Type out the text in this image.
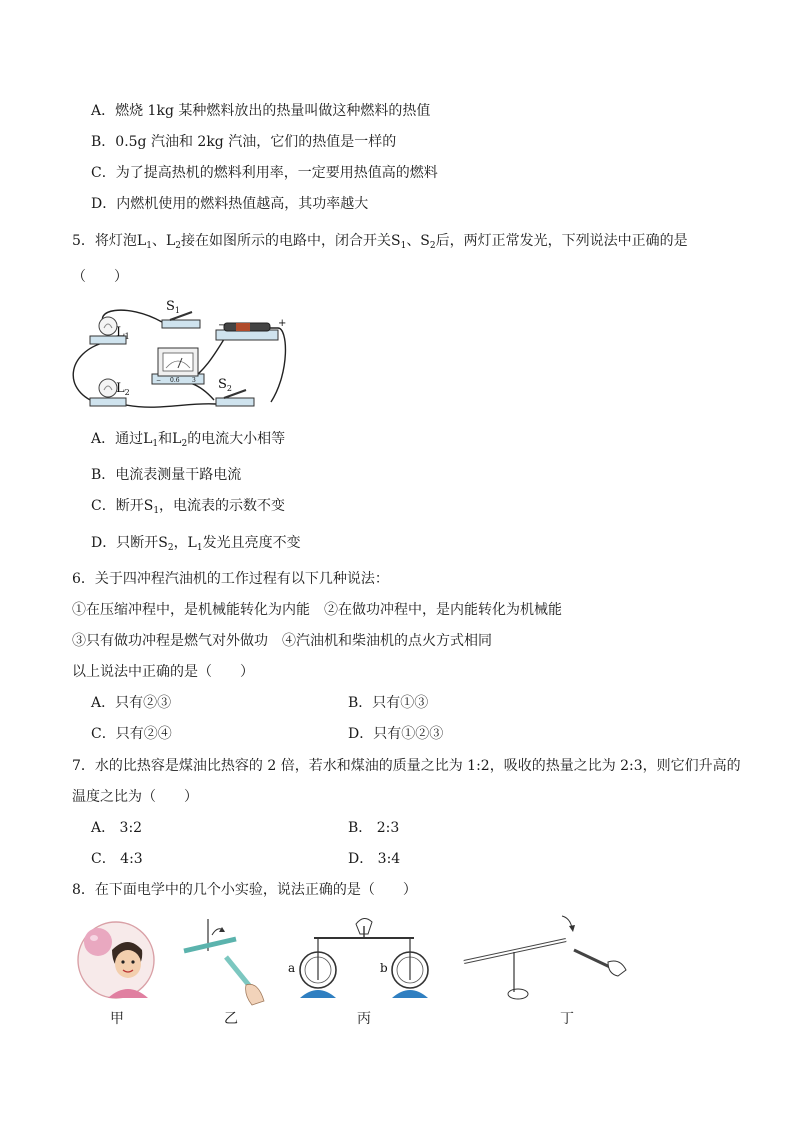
A．燃烧 1kg 某种燃料放出的热量叫做这种燃料的热值
B．0.5g 汽油和 2kg 汽油，它们的热值是一样的
C．为了提高热机的燃料利用率，一定要用热值高的燃料
D．内燃机使用的燃料热值越高，其功率越大
5．将灯泡$L_1$、$L_2$接在如图所示的电路中，闭合开关$S_1$、$S_2$后，两灯正常发光，下列说法中正确的是
（　　）
$S_1$
$L_1$
$L_2$
$S_2$
−	+
− 0.6 3
A．通过$L_1$和$L_2$的电流大小相等
B．电流表测量干路电流
C．断开$S_1$，电流表的示数不变
D．只断开$S_2$，$L_1$发光且亮度不变
6．关于四冲程汽油机的工作过程有以下几种说法：
①在压缩冲程中，是机械能转化为内能　②在做功冲程中，是内能转化为机械能
③只有做功冲程是燃气对外做功　④汽油机和柴油机的点火方式相同
以上说法中正确的是（　　）
A．只有②③	B．只有①③
C．只有②④	D．只有①②③
7．水的比热容是煤油比热容的 2 倍，若水和煤油的质量之比为 1:2，吸收的热量之比为 2:3，则它们升高的
温度之比为（　　）
A． 3:2	B． 2:3
C． 4:3	D． 3:4
8．在下面电学中的几个小实验，说法正确的是（　　）
甲	乙
a	b
丙	丁
